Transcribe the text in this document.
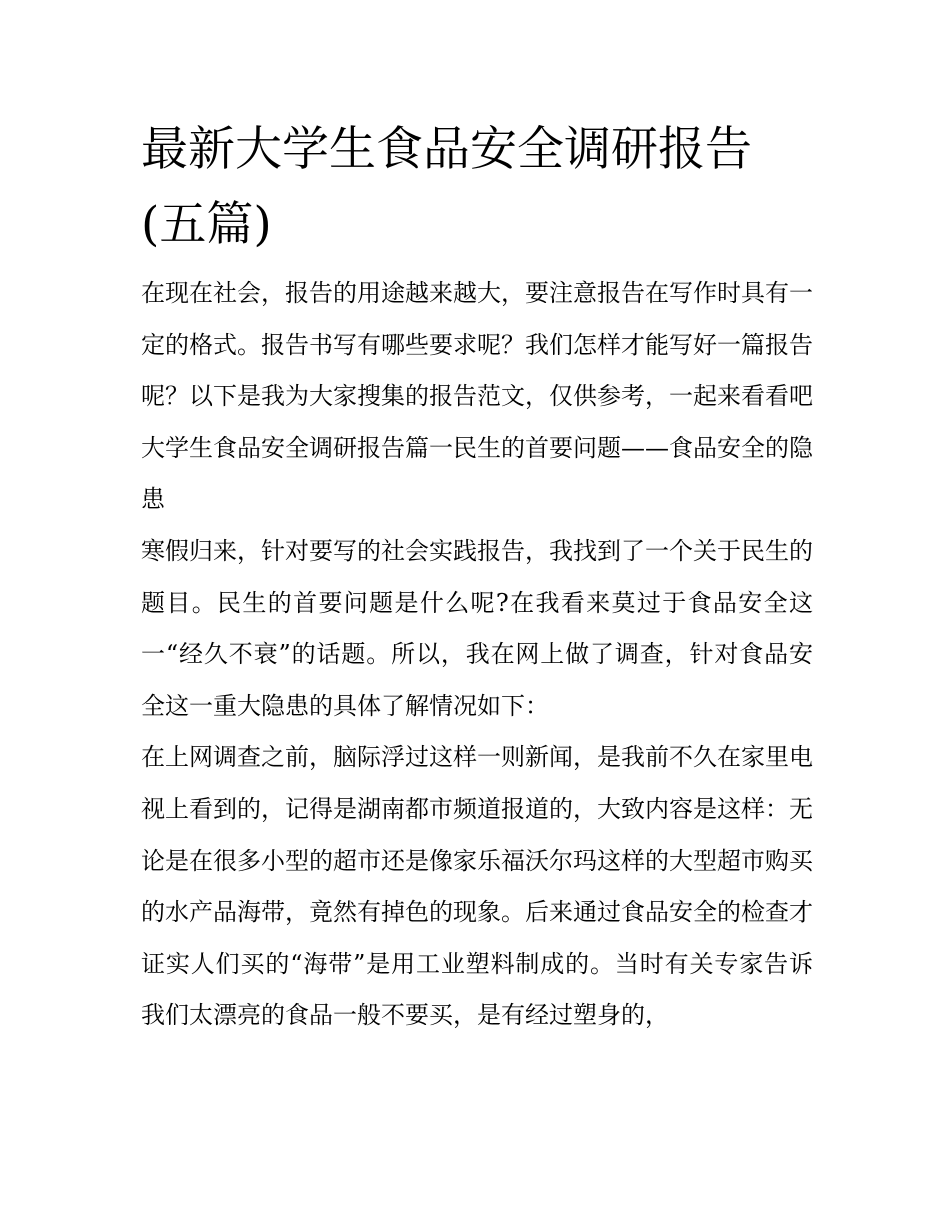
最新大学生食品安全调研报告(五篇)

在现在社会，报告的用途越来越大，要注意报告在写作时具有一定的格式。报告书写有哪些要求呢？我们怎样才能写好一篇报告呢？以下是我为大家搜集的报告范文，仅供参考，一起来看看吧

大学生食品安全调研报告篇一民生的首要问题——食品安全的隐患

寒假归来，针对要写的社会实践报告，我找到了一个关于民生的题目。民生的首要问题是什么呢?在我看来莫过于食品安全这一“经久不衰”的话题。所以，我在网上做了调查，针对食品安全这一重大隐患的具体了解情况如下：

在上网调查之前，脑际浮过这样一则新闻，是我前不久在家里电视上看到的，记得是湖南都市频道报道的，大致内容是这样：无论是在很多小型的超市还是像家乐福沃尔玛这样的大型超市购买的水产品海带，竟然有掉色的现象。后来通过食品安全的检查才证实人们买的“海带”是用工业塑料制成的。当时有关专家告诉我们太漂亮的食品一般不要买，是有经过塑身的，
